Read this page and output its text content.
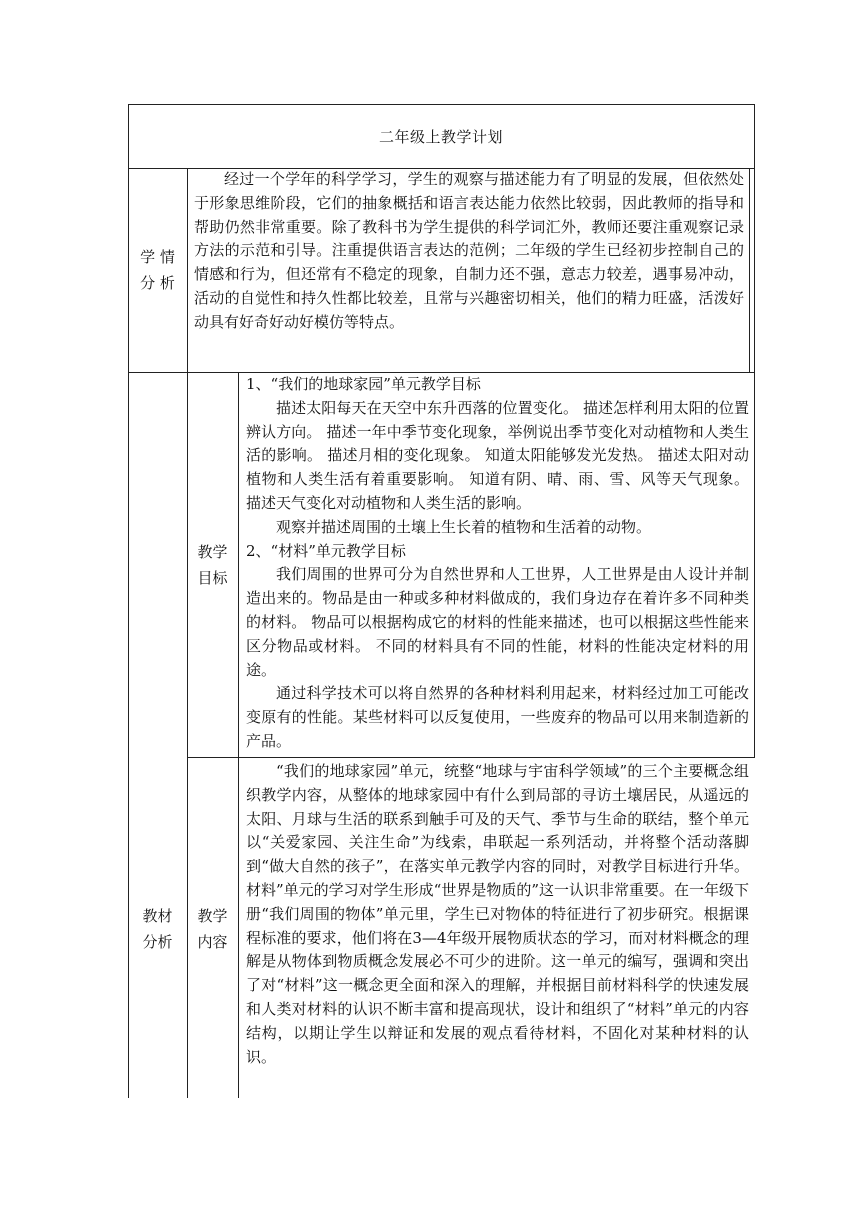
二年级上教学计划
学 情
分 析

经过一个学年的科学学习，学生的观察与描述能力有了明显的发展，但依然处于形象思维阶段，它们的抽象概括和语言表达能力依然比较弱，因此教师的指导和帮助仍然非常重要。除了教科书为学生提供的科学词汇外，教师还要注重观察记录方法的示范和引导。注重提供语言表达的范例；二年级的学生已经初步控制自己的情感和行为，但还常有不稳定的现象，自制力还不强，意志力较差，遇事易冲动，活动的自觉性和持久性都比较差，且常与兴趣密切相关，他们的精力旺盛，活泼好动具有好奇好动好模仿等特点。

教材
分析
教学
目标

1、“我们的地球家园”单元教学目标

描述太阳每天在天空中东升西落的位置变化。 描述怎样利用太阳的位置辨认方向。 描述一年中季节变化现象，举例说出季节变化对动植物和人类生活的影响。 描述月相的变化现象。 知道太阳能够发光发热。 描述太阳对动植物和人类生活有着重要影响。 知道有阴、晴、雨、雪、风等天气现象。 描述天气变化对动植物和人类生活的影响。

观察并描述周围的土壤上生长着的植物和生活着的动物。

2、“材料”单元教学目标

我们周围的世界可分为自然世界和人工世界，人工世界是由人设计并制造出来的。物品是由一种或多种材料做成的，我们身边存在着许多不同种类的材料。 物品可以根据构成它的材料的性能来描述，也可以根据这些性能来区分物品或材料。 不同的材料具有不同的性能，材料的性能决定材料的用途。

通过科学技术可以将自然界的各种材料利用起来，材料经过加工可能改变原有的性能。某些材料可以反复使用，一些废弃的物品可以用来制造新的产品。

教学
内容

“我们的地球家园”单元，统整“地球与宇宙科学领域”的三个主要概念组织教学内容，从整体的地球家园中有什么到局部的寻访土壤居民，从遥远的太阳、月球与生活的联系到触手可及的天气、季节与生命的联结，整个单元以“关爱家园、关注生命”为线索，串联起一系列活动，并将整个活动落脚到“做大自然的孩子”，在落实单元教学内容的同时，对教学目标进行升华。材料”单元的学习对学生形成“世界是物质的”这一认识非常重要。在一年级下册“我们周围的物体”单元里，学生已对物体的特征进行了初步研究。根据课程标准的要求，他们将在3—4年级开展物质状态的学习，而对材料概念的理解是从物体到物质概念发展必不可少的进阶。这一单元的编写，强调和突出了对“材料”这一概念更全面和深入的理解，并根据目前材料科学的快速发展和人类对材料的认识不断丰富和提高现状，设计和组织了“材料”单元的内容结构，以期让学生以辩证和发展的观点看待材料，不固化对某种材料的认识。
